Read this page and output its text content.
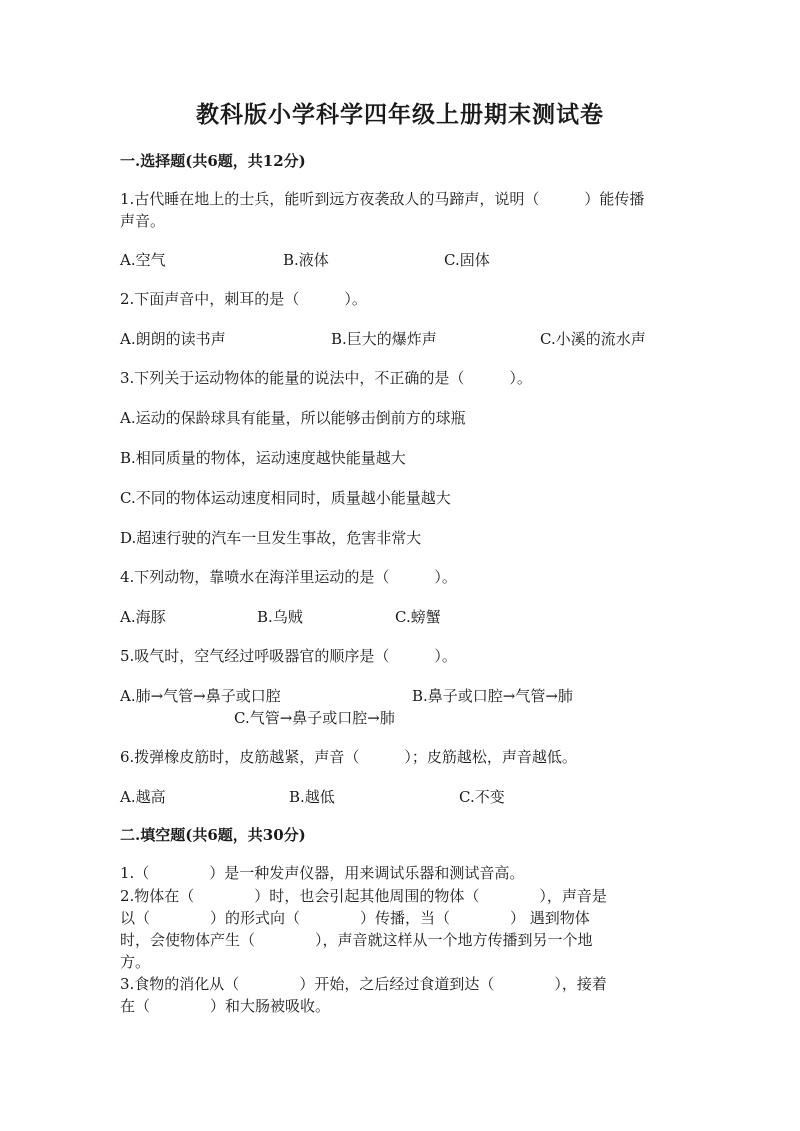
教科版小学科学四年级上册期末测试卷
一.选择题(共6题，共12分)
1.古代睡在地上的士兵，能听到远方夜袭敌人的马蹄声，说明（　　　）能传播
声音。
A.空气	B.液体	C.固体
2.下面声音中，刺耳的是（　　　）。
A.朗朗的读书声	B.巨大的爆炸声	C.小溪的流水声
3.下列关于运动物体的能量的说法中，不正确的是（　　　）。
A.运动的保龄球具有能量，所以能够击倒前方的球瓶
B.相同质量的物体，运动速度越快能量越大
C.不同的物体运动速度相同时，质量越小能量越大
D.超速行驶的汽车一旦发生事故，危害非常大
4.下列动物，靠喷水在海洋里运动的是（　　　）。
A.海豚	B.乌贼	C.螃蟹
5.吸气时，空气经过呼吸器官的顺序是（　　　）。
A.肺→气管→鼻子或口腔	B.鼻子或口腔→气管→肺
C.气管→鼻子或口腔→肺
6.拨弹橡皮筋时，皮筋越紧，声音（　　　）；皮筋越松，声音越低。
A.越高	B.越低	C.不变
二.填空题(共6题，共30分)
1.（　　　　）是一种发声仪器，用来调试乐器和测试音高。
2.物体在（　　　　）时，也会引起其他周围的物体（　　　　），声音是
以（　　　　）的形式向（　　　　）传播，当（　　　　） 遇到物体
时，会使物体产生（　　　　），声音就这样从一个地方传播到另一个地
方。
3.食物的消化从（　　　　）开始，之后经过食道到达（　　　　），接着
在（　　　　）和大肠被吸收。
